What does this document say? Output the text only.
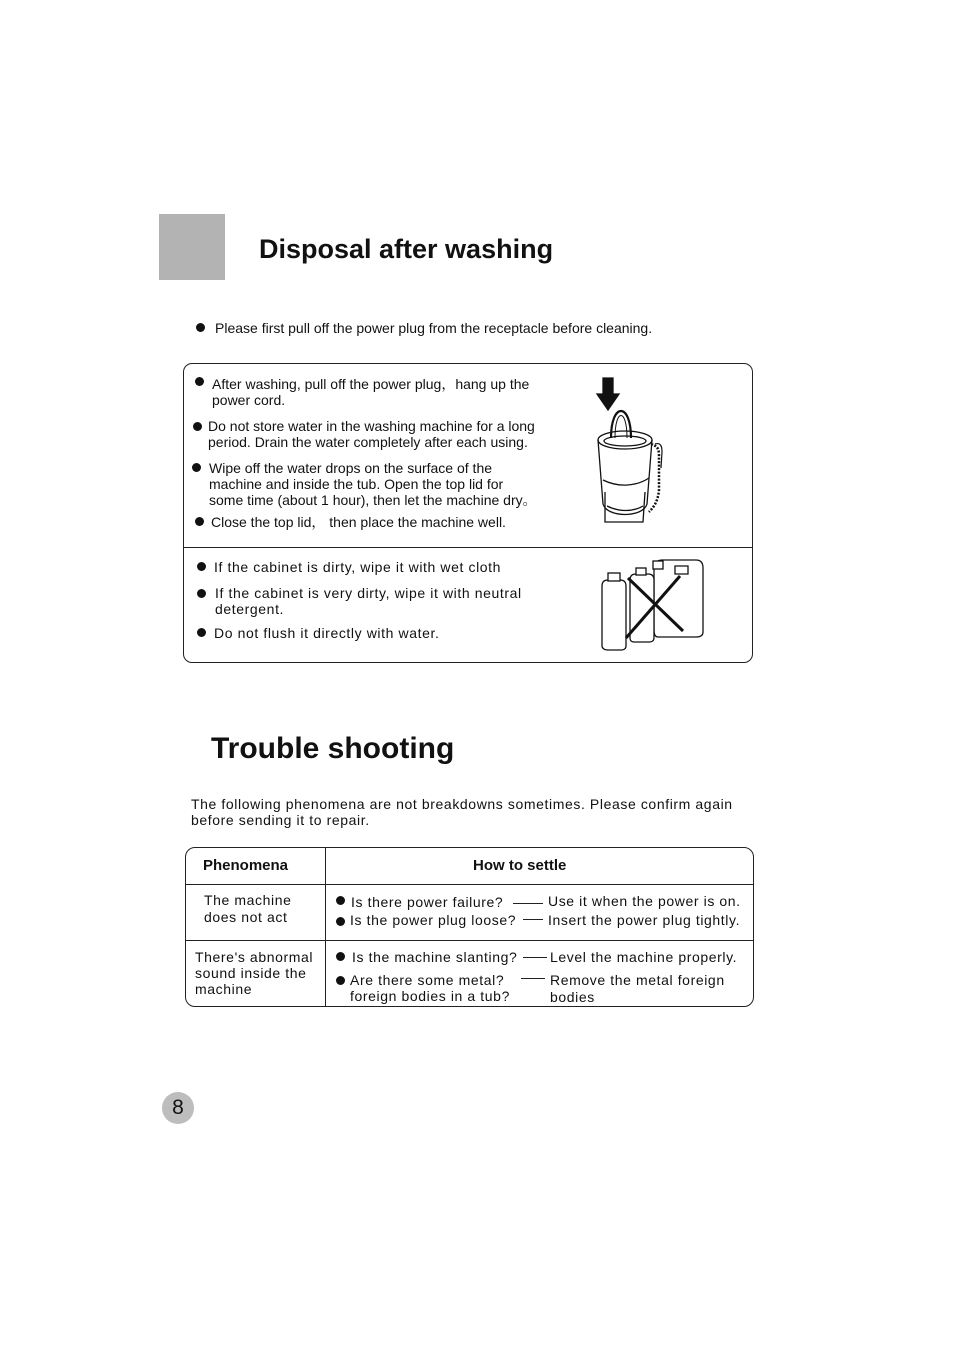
Disposal after washing
Please first pull off the power plug from the receptacle before cleaning.
After washing, pull off the power plug，hang up the
power cord.
Do not store water in the washing machine for a long
period. Drain the water completely after each using.
Wipe off the water drops on the surface of the
machine and inside the tub. Open the top lid for
some time (about 1 hour), then let the machine dry。
Close the top lid， then place the machine well.
If the cabinet is dirty, wipe it with wet cloth
If the cabinet is very dirty, wipe it with neutral
detergent.
Do not flush it directly with water.
Trouble shooting
The following phenomena are not breakdowns sometimes. Please confirm again
before sending it to repair.
Phenomena	How to settle
The machine
does not act
Is there power failure?	Use it when the power is on.
Is the power plug loose? Insert the power plug tightly.
There's abnormal
sound inside the
machine
Is the machine slanting? Level the machine properly.
Are there some metal?
foreign bodies in a tub?
Remove the metal foreign
bodies
8
